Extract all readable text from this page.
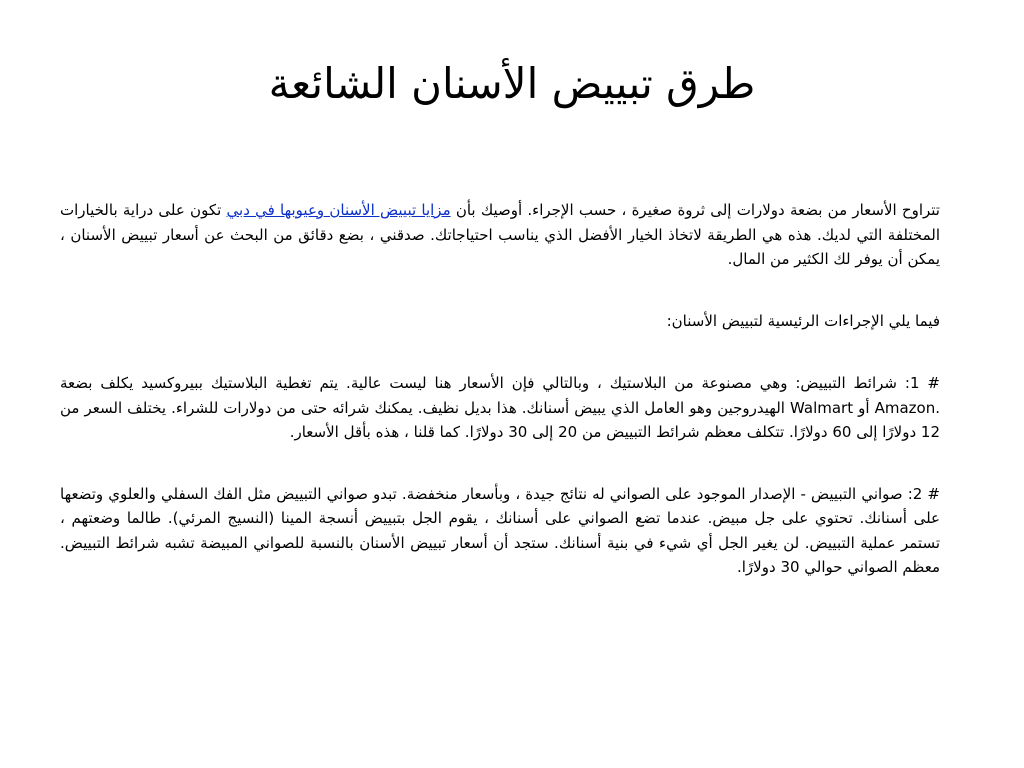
طرق تبييض الأسنان الشائعة

تتراوح الأسعار من بضعة دولارات إلى ثروة صغيرة ، حسب الإجراء. أوصيك بأن مزايا تبييض الأسنان وعيوبها في دبي تكون على دراية بالخيارات المختلفة التي لديك. هذه هي الطريقة لاتخاذ الخيار الأفضل الذي يناسب احتياجاتك. صدقني ، بضع دقائق من البحث عن أسعار تبييض الأسنان ، يمكن أن يوفر لك الكثير من المال.

فيما يلي الإجراءات الرئيسية لتبييض الأسنان:

# 1: شرائط التبييض: وهي مصنوعة من البلاستيك ، وبالتالي فإن الأسعار هنا ليست عالية. يتم تغطية البلاستيك ببيروكسيد يكلف بضعة .Amazon أو Walmart الهيدروجين وهو العامل الذي يبيض أسنانك. هذا بديل نظيف. يمكنك شرائه حتى من دولارات للشراء. يختلف السعر من 12 دولارًا إلى 60 دولارًا. تتكلف معظم شرائط التبييض من 20 إلى 30 دولارًا. كما قلنا ، هذه بأقل الأسعار.

# 2: صواني التبييض - الإصدار الموجود على الصواني له نتائج جيدة ، وبأسعار منخفضة. تبدو صواني التبييض مثل الفك السفلي والعلوي وتضعها على أسنانك. تحتوي على جل مبيض. عندما تضع الصواني على أسنانك ، يقوم الجل بتبييض أنسجة المينا (النسيج المرئي). طالما وضعتهم ، تستمر عملية التبييض. لن يغير الجل أي شيء في بنية أسنانك. ستجد أن أسعار تبييض الأسنان بالنسبة للصواني المبيضة تشبه شرائط التبييض. معظم الصواني حوالي 30 دولارًا.
